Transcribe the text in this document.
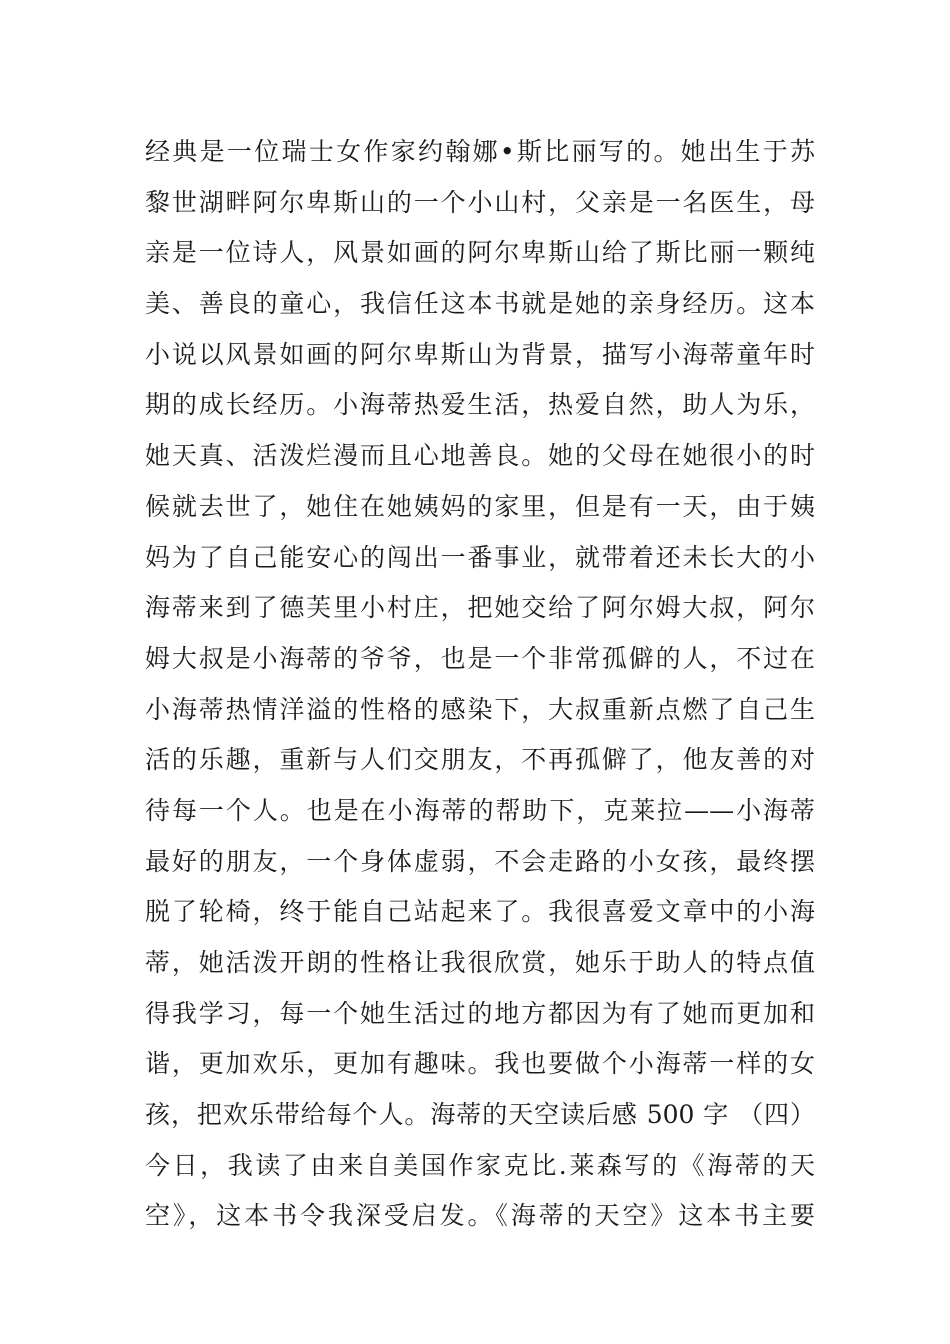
经典是一位瑞士女作家约翰娜•斯比丽写的。她出生于苏
黎世湖畔阿尔卑斯山的一个小山村，父亲是一名医生，母
亲是一位诗人，风景如画的阿尔卑斯山给了斯比丽一颗纯
美、善良的童心，我信任这本书就是她的亲身经历。这本
小说以风景如画的阿尔卑斯山为背景，描写小海蒂童年时
期的成长经历。小海蒂热爱生活，热爱自然，助人为乐，
她天真、活泼烂漫而且心地善良。她的父母在她很小的时
候就去世了，她住在她姨妈的家里，但是有一天，由于姨
妈为了自己能安心的闯出一番事业，就带着还未长大的小
海蒂来到了德芙里小村庄，把她交给了阿尔姆大叔，阿尔
姆大叔是小海蒂的爷爷，也是一个非常孤僻的人，不过在
小海蒂热情洋溢的性格的感染下，大叔重新点燃了自己生
活的乐趣，重新与人们交朋友，不再孤僻了，他友善的对
待每一个人。也是在小海蒂的帮助下，克莱拉——小海蒂
最好的朋友，一个身体虚弱，不会走路的小女孩，最终摆
脱了轮椅，终于能自己站起来了。我很喜爱文章中的小海
蒂，她活泼开朗的性格让我很欣赏，她乐于助人的特点值
得我学习，每一个她生活过的地方都因为有了她而更加和
谐，更加欢乐，更加有趣味。我也要做个小海蒂一样的女
孩，把欢乐带给每个人。海蒂的天空读后感 500 字 （四）
今日，我读了由来自美国作家克比.莱森写的《海蒂的天
空》，这本书令我深受启发。《海蒂的天空》这本书主要
